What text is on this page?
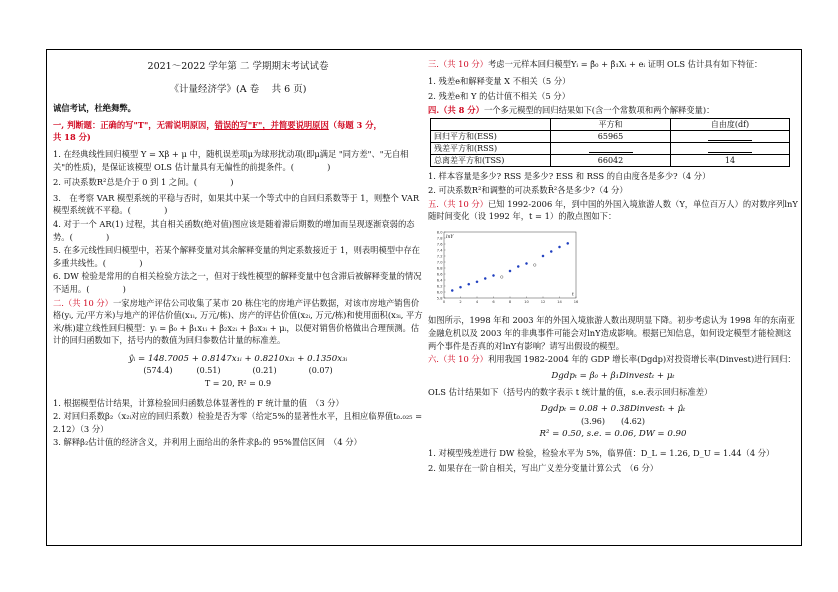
2021～2022 学年第 二 学期期末考试试卷
《计量经济学》(A 卷　 共 6 页)
诚信考试，杜绝舞弊。
一, 判断题：正确的写"T"，无需说明原因，错误的写"F"，并简要说明原因（每题 3 分，
共 18 分)
1. 在经典线性回归模型 Y = Xβ + μ 中，随机误差项μ为球形扰动项(即μ满足 "同方差"、"无自相关"的性质)，是保证该模型 OLS 估计量具有无偏性的前提条件。(　　　　)
2. 可决系数R²总是介于 0 到 1 之间。(　　　　)
3.　在考察 VAR 模型系统的平稳与否时，如果其中某一个等式中的自回归系数等于 1，则整个 VAR 模型系统就不平稳。(　　　　)
4. 对于一个 AR(1) 过程，其自相关函数(绝对值)图应该是随着滞后期数的增加而呈现逐渐衰弱的态势。(　　　　)
5. 在多元线性回归模型中，若某个解释变量对其余解释变量的判定系数接近于 1，则表明模型中存在多重共线性。(　　　　)
6. DW 检验是常用的自相关检验方法之一，但对于线性模型的解释变量中包含滞后被解释变量的情况不适用。(　　　　)
二.（共 10 分）一家房地产评估公司收集了某市 20 栋住宅的房地产评估数据，对该市房地产销售价格(yᵢ, 元/平方米)与地产的评估价值(x₁ᵢ, 万元/栋)、房产的评估价值(x₂ᵢ, 万元/栋)和使用面积(x₃ᵢ, 平方米/栋)建立线性回归模型：yᵢ = β₀ + β₁x₁ᵢ + β₂x₂ᵢ + β₃x₃ᵢ + μᵢ，以便对销售价格做出合理预测。估计的回归函数如下，括号内的数值为回归参数估计量的标准差。
ŷᵢ = 148.7005 + 0.8147x₁ᵢ + 0.8210x₂ᵢ + 0.1350x₃ᵢ
(574.4)　　　(0.51)　　　　(0.21)　　　　(0.07)
T = 20, R² = 0.9
1. 根据模型估计结果，计算检验回归函数总体显著性的 F 统计量的值　（3 分）
2. 对回归系数β₂（x₂ᵢ对应的回归系数）检验是否为零（给定5%的显著性水平，且相应临界值t₀.₀₂₅ = 2.12）（3 分）
3. 解释β₂估计值的经济含义，并利用上面给出的条件求β₂的 95%置信区间　（4 分）
三.（共 10 分）考虑一元样本回归模型Yᵢ = β̂₀ + β̂₁Xᵢ + eᵢ 证明 OLS 估计具有如下特征：
1. 残差e和解释变量 X 不相关（5 分）
2. 残差e和 Y 的估计值不相关（5 分）
四.（共 8 分）一个多元模型的回归结果如下(含一个常数项和两个解释变量)：
	平方和	自由度(df)
回归平方和(ESS)	65965	
残差平方和(RSS)		
总离差平方和(TSS)	66042	14
1. 样本容量是多少? RSS 是多少? ESS 和 RSS 的自由度各是多少?（4 分）
2. 可决系数R²和调整的可决系数R̄²各是多少?（4 分）
五.（共 10 分）已知 1992-2006 年，到中国的外国入境旅游人数（Y，单位百万人）的对数序列lnY随时间变化（设 1992 年，t = 1）的散点图如下：
5.8
6.0
6.2
6.4
6.6
6.8
7.0
7.2
7.4
7.6
7.8
8.0
0	2	4	6	8	10	12	14	16
lnY
t
如图所示，1998 年和 2003 年的外国入境旅游人数出现明显下降。初步考虑认为 1998 年的东南亚金融危机以及 2003 年的非典事件可能会对lnY造成影响。根据已知信息，如何设定模型才能检测这两个事件是否真的对lnY有影响？请写出假设的模型。
六.（共 10 分）利用我国 1982-2004 年的 GDP 增长率(Dgdp)对投资增长率(Dinvest)进行回归：
Dgdpₜ = β₀ + β₁Dinvestₜ + μₜ
OLS 估计结果如下（括号内的数字表示 t 统计量的值，s.e.表示回归标准差）
Dgdpₜ = 0.08 + 0.38Dinvestₜ + μ̂ₜ
(3.96)　　(4.62)
R² = 0.50, s.e. = 0.06, DW = 0.90
1. 对模型残差进行 DW 检验，检验水平为 5%，临界值：D_L = 1.26, D_U = 1.44（4 分）
2. 如果存在一阶自相关，写出广义差分变量计算公式　（6 分）
